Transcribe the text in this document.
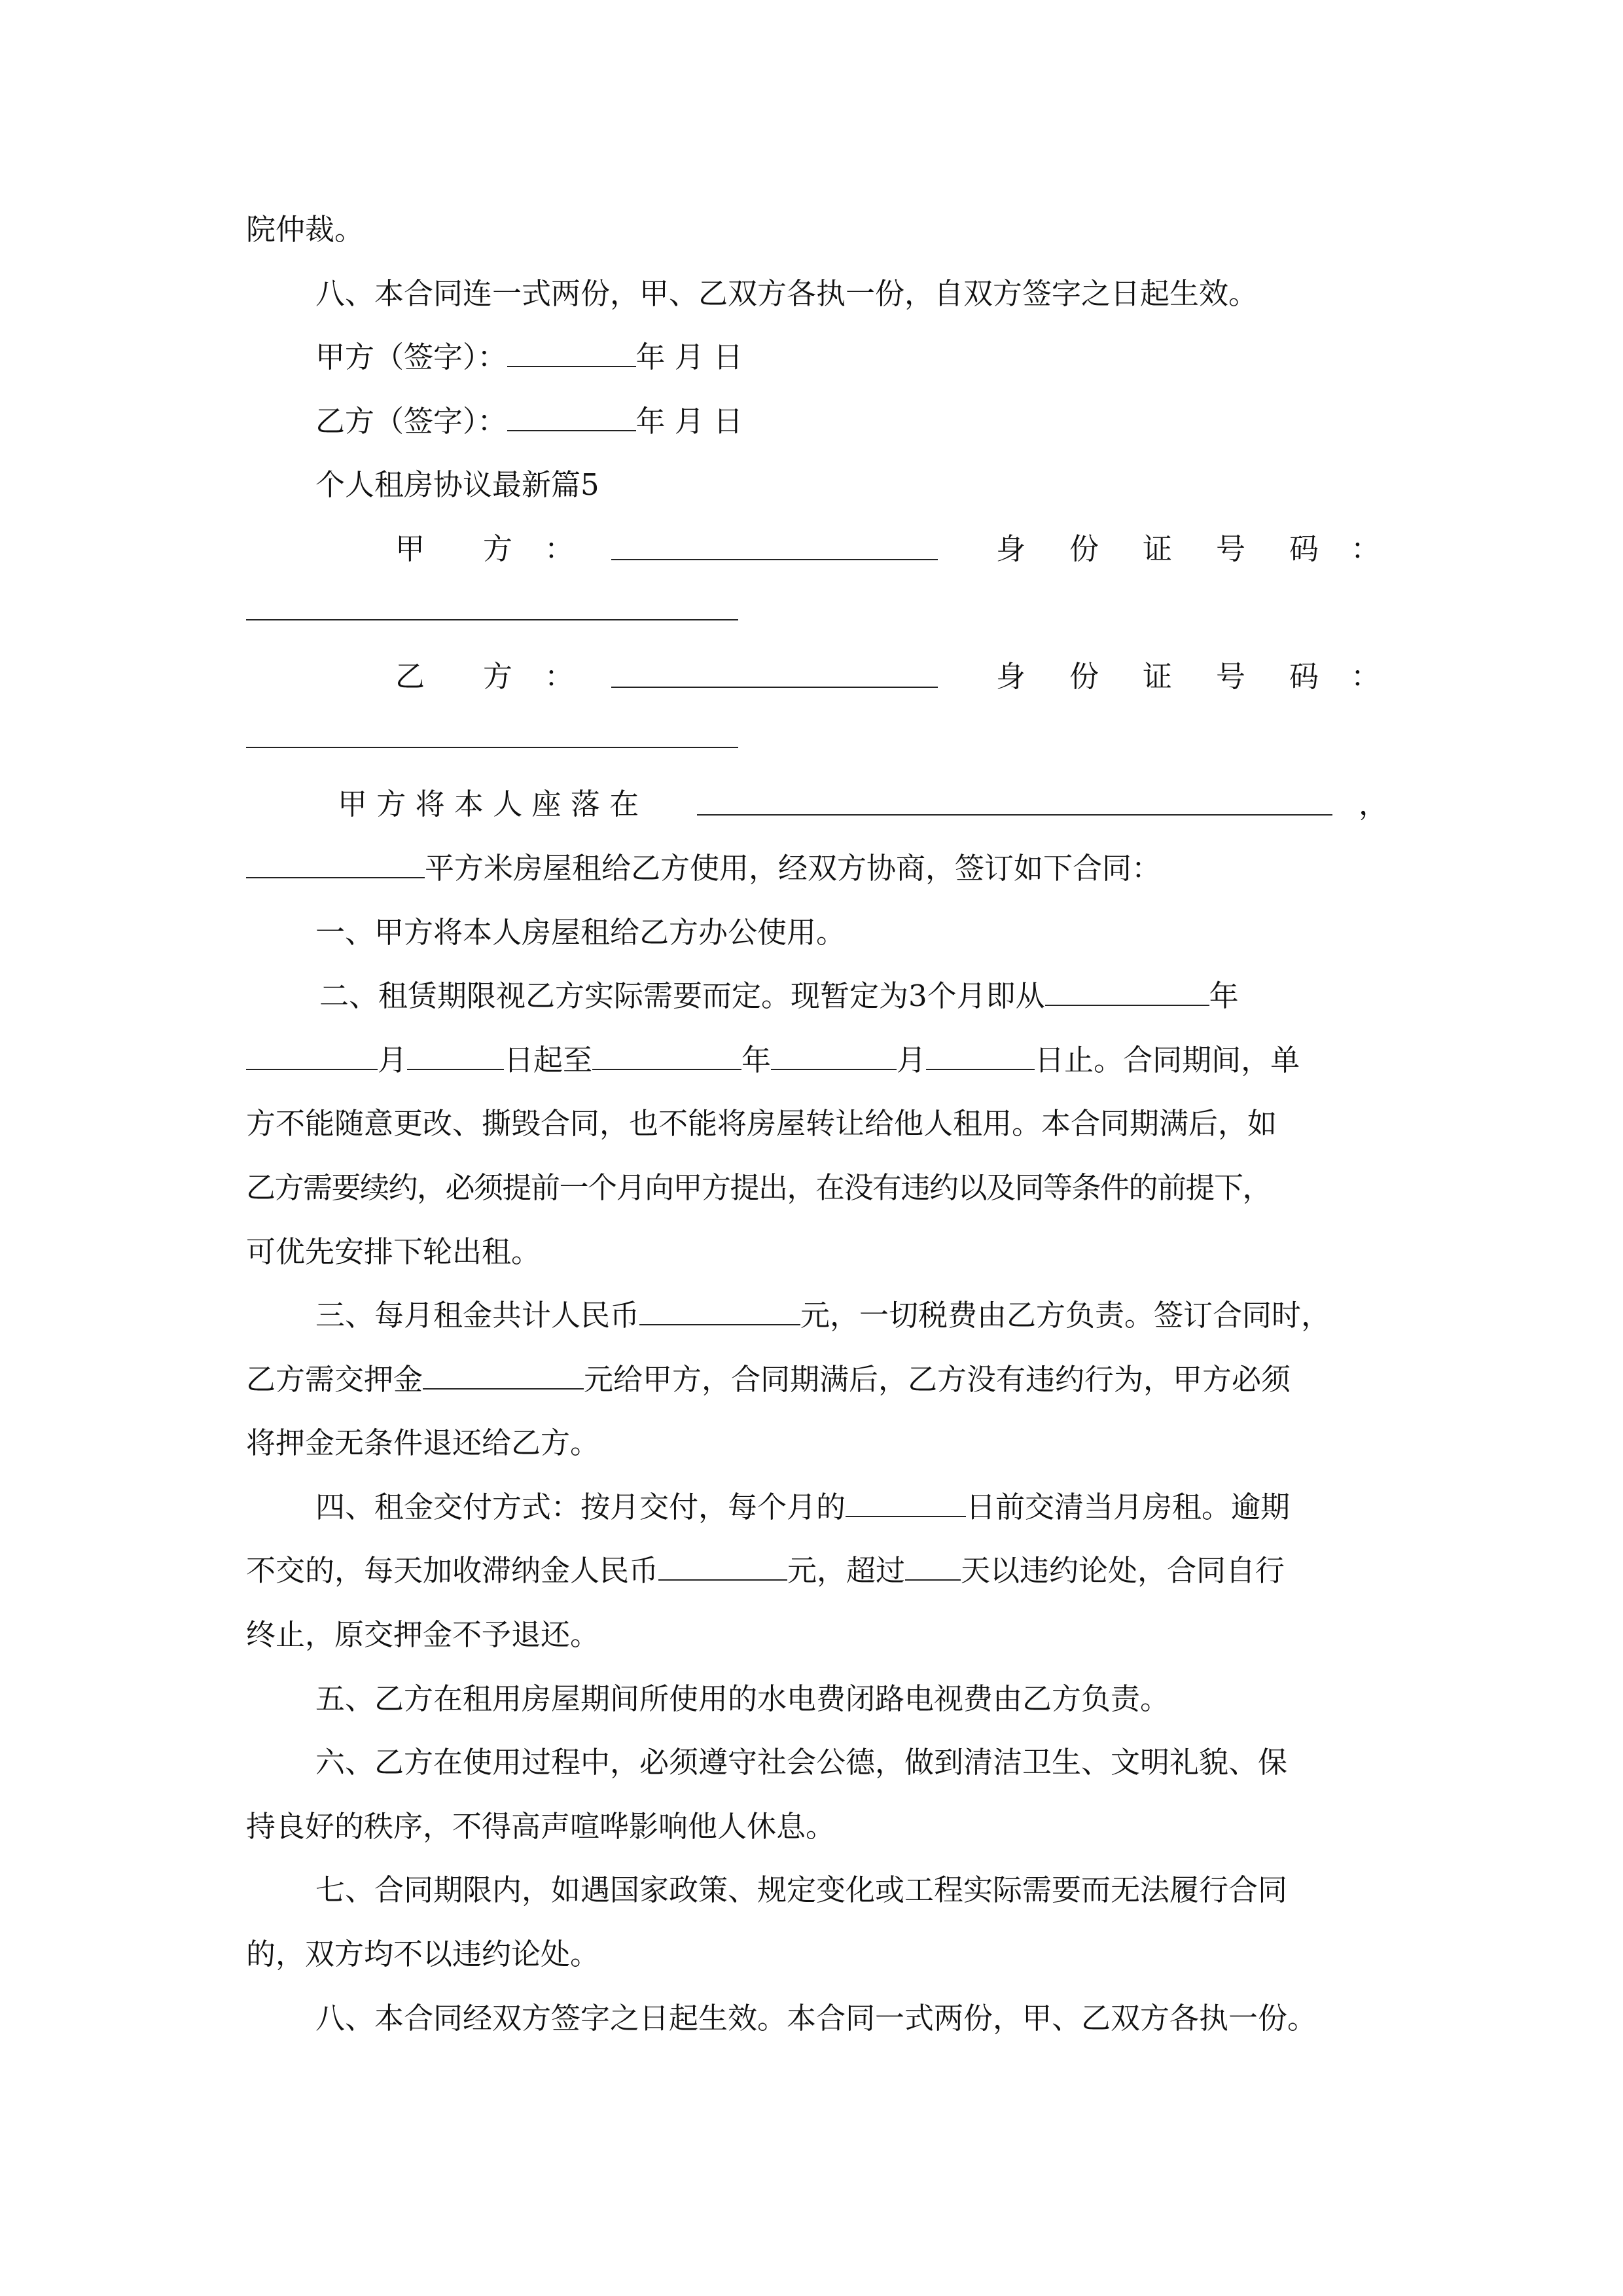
院仲裁。
八、本合同连一式两份，甲、乙双方各执一份，自双方签字之日起生效。
甲方（签字）：	年 月 日
乙方（签字）：	年 月 日
个人租房协议最新篇5
甲 方 ：	身 份 证 号 码 ：
乙 方 ：	身 份 证 号 码 ：
甲 方 将 本 人 座 落 在	，
平方米房屋租给乙方使用，经双方协商，签订如下合同：
一、甲方将本人房屋租给乙方办公使用。
二、租赁期限视乙方实际需要而定。现暂定为3个月即从	年
月	日起至	年	月	日止。合同期间，单
方不能随意更改、撕毁合同，也不能将房屋转让给他人租用。本合同期满后，如
乙方需要续约，必须提前一个月向甲方提出，在没有违约以及同等条件的前提下，
可优先安排下轮出租。
三、每月租金共计人民币	元，一切税费由乙方负责。签订合同时，
乙方需交押金	元给甲方，合同期满后，乙方没有违约行为，甲方必须
将押金无条件退还给乙方。
四、租金交付方式：按月交付，每个月的	日前交清当月房租。逾期
不交的，每天加收滞纳金人民币	元，超过 天以违约论处，合同自行
终止，原交押金不予退还。
五、乙方在租用房屋期间所使用的水电费闭路电视费由乙方负责。
六、乙方在使用过程中，必须遵守社会公德，做到清洁卫生、文明礼貌、保
持良好的秩序，不得高声喧哗影响他人休息。
七、合同期限内，如遇国家政策、规定变化或工程实际需要而无法履行合同
的，双方均不以违约论处。
八、本合同经双方签字之日起生效。本合同一式两份，甲、乙双方各执一份。
